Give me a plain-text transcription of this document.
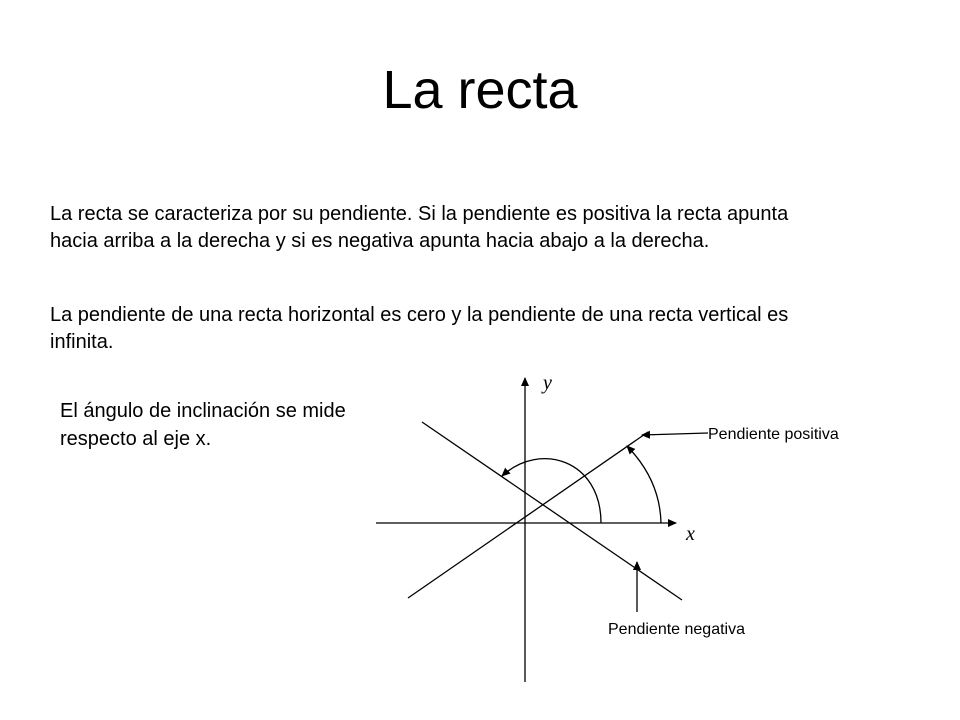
La recta

La recta se caracteriza por su pendiente. Si la pendiente es positiva la recta apunta hacia arriba a la derecha y si es negativa apunta hacia abajo a la derecha.

La pendiente de una recta horizontal es cero y la pendiente de una recta vertical es infinita.

El ángulo de inclinación se mide respecto al eje x.

y
x
Pendiente positiva
Pendiente negativa
